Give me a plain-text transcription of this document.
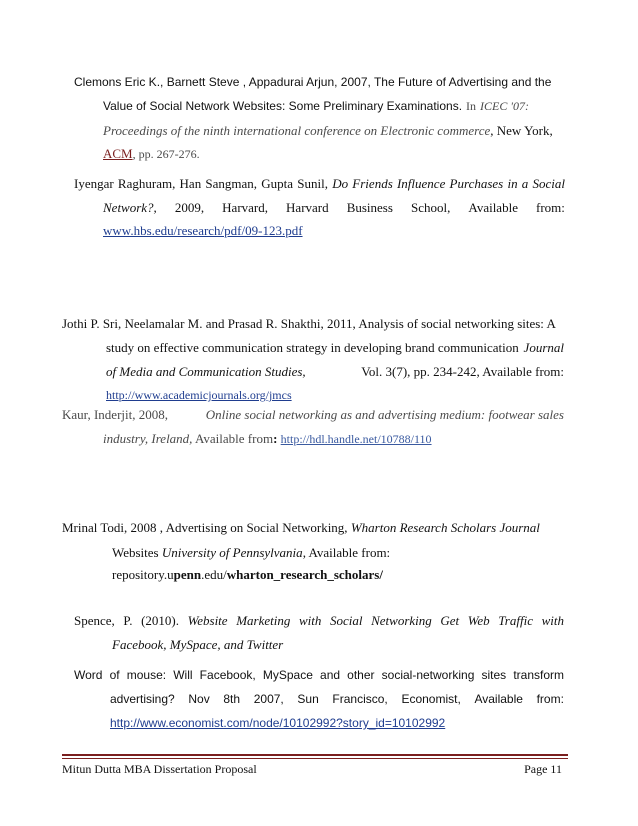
Clemons Eric K., Barnett Steve , Appadurai Arjun, 2007, The Future of Advertising and the
Value of Social Network Websites: Some Preliminary Examinations. In ICEC '07:
Proceedings of the ninth international conference on Electronic commerce, New York,
ACM, pp. 267-276.
Iyengar Raghuram, Han Sangman, Gupta Sunil, Do Friends Influence Purchases in a Social
Network?, 2009, Harvard, Harvard Business School, Available from:
www.hbs.edu/research/pdf/09-123.pdf
Jothi P. Sri, Neelamalar M. and Prasad R. Shakthi, 2011, Analysis of social networking sites: A
study on effective communication strategy in developing brand communication Journal
of Media and Communication Studies,	Vol. 3(7), pp. 234-242, Available from:
http://www.academicjournals.org/jmcs
Kaur, Inderjit, 2008,	Online social networking as and advertising medium: footwear sales
industry, Ireland, Available from: http://hdl.handle.net/10788/110
Mrinal Todi, 2008 , Advertising on Social Networking, Wharton Research Scholars Journal
Websites University of Pennsylvania, Available from:
repository.upenn.edu/wharton_research_scholars/
Spence, P. (2010). Website Marketing with Social Networking Get Web Traffic with
Facebook, MySpace, and Twitter
Word of mouse: Will Facebook, MySpace and other social-networking sites transform
advertising? Nov 8th 2007, Sun Francisco, Economist, Available from:
http://www.economist.com/node/10102992?story_id=10102992
Mitun Dutta MBA Dissertation Proposal	Page 11
